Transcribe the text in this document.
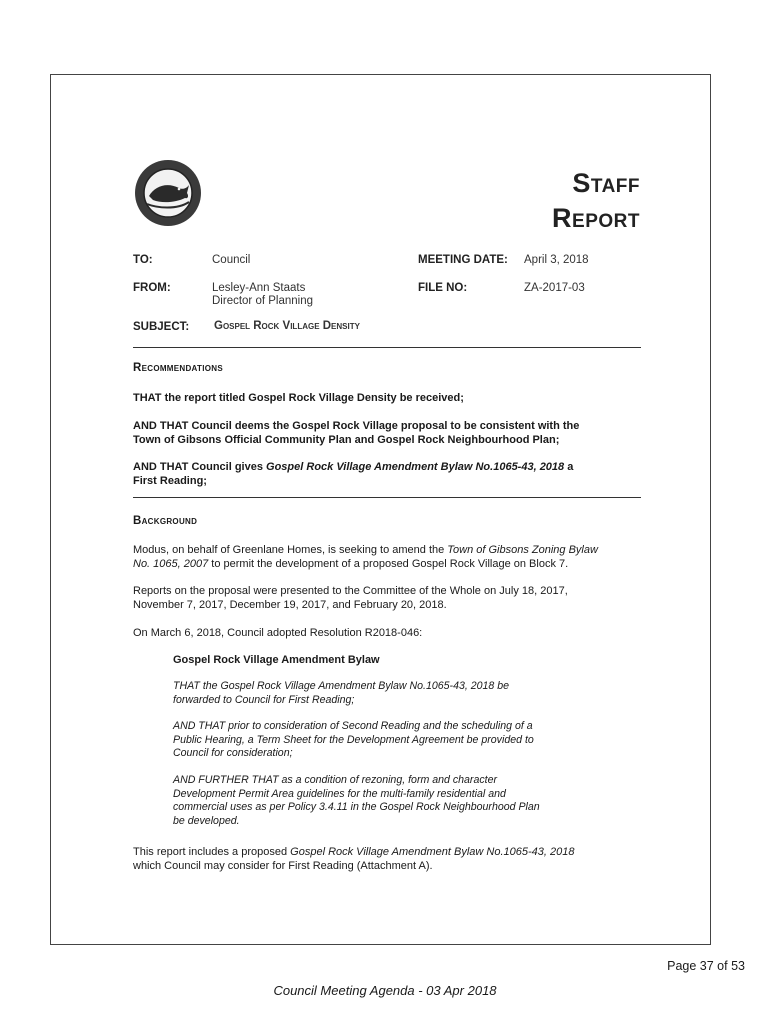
Staff
Report
TO:	Council	MEETING DATE: April 3, 2018
FROM:	Lesley-Ann Staats
Director of Planning
FILE NO:	ZA-2017-03
SUBJECT: Gospel Rock Village Density
Recommendations
THAT the report titled Gospel Rock Village Density be received;
AND THAT Council deems the Gospel Rock Village proposal to be consistent with the
Town of Gibsons Official Community Plan and Gospel Rock Neighbourhood Plan;
AND THAT Council gives Gospel Rock Village Amendment Bylaw No.1065-43, 2018 a
First Reading;
Background
Modus, on behalf of Greenlane Homes, is seeking to amend the Town of Gibsons Zoning Bylaw
No. 1065, 2007 to permit the development of a proposed Gospel Rock Village on Block 7.
Reports on the proposal were presented to the Committee of the Whole on July 18, 2017,
November 7, 2017, December 19, 2017, and February 20, 2018.
On March 6, 2018, Council adopted Resolution R2018-046:
Gospel Rock Village Amendment Bylaw
THAT the Gospel Rock Village Amendment Bylaw No.1065-43, 2018 be
forwarded to Council for First Reading;
AND THAT prior to consideration of Second Reading and the scheduling of a
Public Hearing, a Term Sheet for the Development Agreement be provided to
Council for consideration;
AND FURTHER THAT as a condition of rezoning, form and character
Development Permit Area guidelines for the multi-family residential and
commercial uses as per Policy 3.4.11 in the Gospel Rock Neighbourhood Plan
be developed.
This report includes a proposed Gospel Rock Village Amendment Bylaw No.1065-43, 2018
which Council may consider for First Reading (Attachment A).
Page 37 of 53
Council Meeting Agenda - 03 Apr 2018
